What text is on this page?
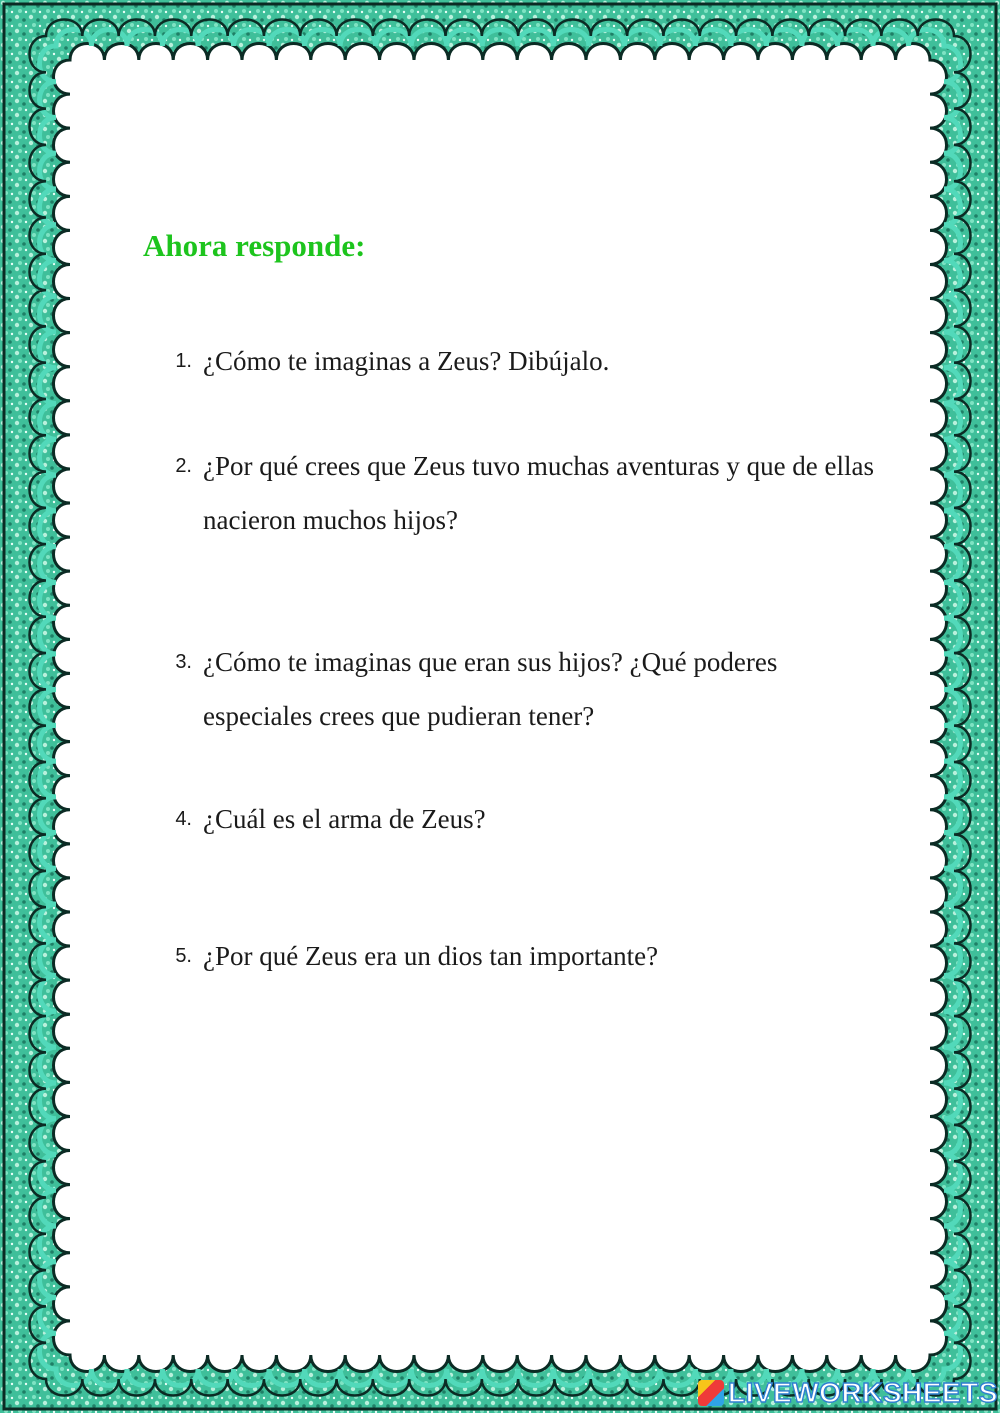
Ahora responde:
1. ¿Cómo te imaginas a Zeus? Dibújalo.
2. ¿Por qué crees que Zeus tuvo muchas aventuras y que de ellas nacieron muchos hijos?
3. ¿Cómo te imaginas que eran sus hijos? ¿Qué poderes especiales crees que pudieran tener?
4. ¿Cuál es el arma de Zeus?
5. ¿Por qué Zeus era un dios tan importante?
LIVEWORKSHEETS
